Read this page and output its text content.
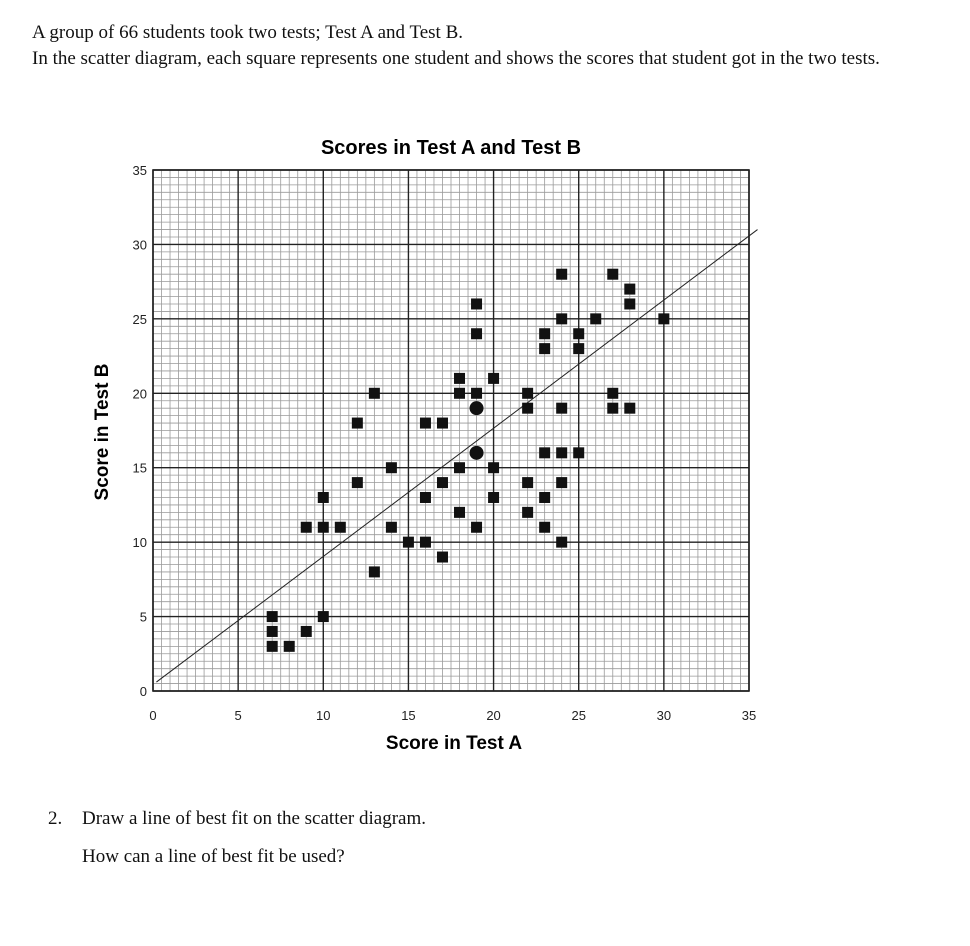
A group of 66 students took two tests; Test A and Test B.

In the scatter diagram, each square represents one student and shows the scores that student got in the two tests.

Scores in Test A and Test B
0	5	10	15	20	25	30	35
0
5
10
15
20
25
30
35
Score in Test A
Score in Test B
2. Draw a line of best fit on the scatter diagram.
How can a line of best fit be used?
